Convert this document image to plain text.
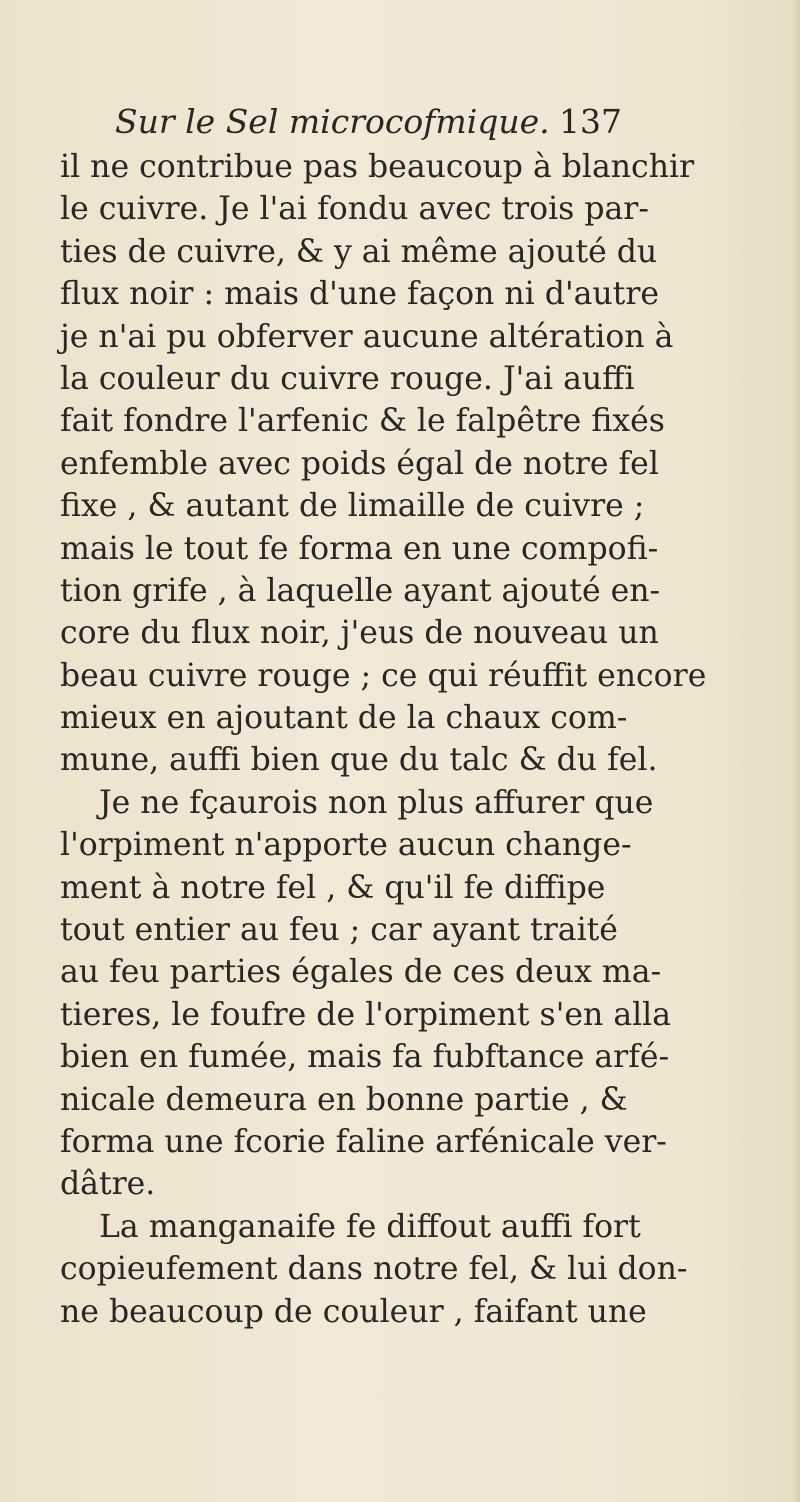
Sur le Sel microcofmique. 137
il ne contribue pas beaucoup à blanchir
le cuivre. Je l'ai fondu avec trois par-
ties de cuivre, & y ai même ajouté du
flux noir : mais d'une façon ni d'autre
je n'ai pu obferver aucune altération à
la couleur du cuivre rouge. J'ai auffi
fait fondre l'arfenic & le falpêtre fixés
enfemble avec poids égal de notre fel
fixe , & autant de limaille de cuivre ;
mais le tout fe forma en une compofi-
tion grife , à laquelle ayant ajouté en-
core du flux noir, j'eus de nouveau un
beau cuivre rouge ; ce qui réuffit encore
mieux en ajoutant de la chaux com-
mune, auffi bien que du talc & du fel.
Je ne fçaurois non plus affurer que
l'orpiment n'apporte aucun change-
ment à notre fel , & qu'il fe diffipe
tout entier au feu ; car ayant traité
au feu parties égales de ces deux ma-
tieres, le foufre de l'orpiment s'en alla
bien en fumée, mais fa fubftance arfé-
nicale demeura en bonne partie , &
forma une fcorie faline arfénicale ver-
dâtre.
La manganaife fe diffout auffi fort
copieufement dans notre fel, & lui don-
ne beaucoup de couleur , faifant une
